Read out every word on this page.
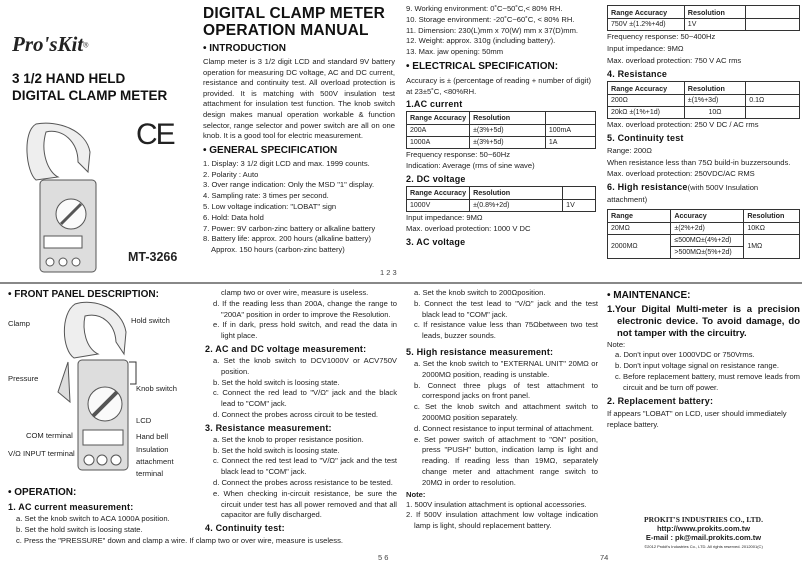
Pro'sKit®
3 1/2 HAND HELD
DIGITAL CLAMP METER
CE
MT-3266
DIGITAL CLAMP METER
OPERATION MANUAL
• INTRODUCTION
Clamp meter is 3 1/2 digit LCD and standard 9V battery operation for measuring DC voltage, AC and DC current, resistance and continuity test. All overload protection is provided. It is matching with 500V insulation test attachment for insulation test function. The knob switch design makes manual operation workable & function selector, range selector and power switch are all on one knob. It is a good tool for electric measurement.
• GENERAL SPECIFICATION
1. Display: 3 1/2 digit LCD and max. 1999 counts.
2. Polarity : Auto
3. Over range indication: Only the MSD "1" display.
4. Sampling rate: 3 times per second.
5. Low voltage indication: "LOBAT" sign
6. Hold: Data hold
7. Power: 9V carbon-zinc battery or alkaline battery
8. Battery life: approx. 200 hours (alkaline battery)
Approx. 150 hours (carbon-zinc battery)
1 2 3
9. Working environment: 0˚C~50˚C,< 80% RH.
10. Storage environment: -20˚C~60˚C, < 80% RH.
11. Dimension: 230(L)mm x 70(W) mm x 37(D)mm.
12. Weight: approx. 310g (including battery).
13. Max. jaw opening: 50mm
• ELECTRICAL SPECIFICATION:
Accuracy is ± (percentage of reading + number of digit) at 23±5˚C, <80%RH.
1.AC current
Range Accuracy	Resolution	
200A	±(3%+5d)	100mA
1000A	±(3%+5d)	1A
Frequency response: 50~60Hz
Indication: Average (rms of sine wave)
2. DC voltage
Range Accuracy	Resolution	
1000V	±(0.8%+2d)	1V
Input impedance: 9MΩ
Max. overload protection: 1000 V DC
3. AC voltage
Range Accuracy	Resolution	
750V ±(1.2%+4d)	1V	
Frequency response: 50~400Hz
Input impedance: 9MΩ
Max. overload protection: 750 V AC rms
4. Resistance
Range Accuracy	Resolution	
200Ω	±(1%+3d)	0.1Ω
20kΩ ±(1%+1d)	10Ω	
Max. overload protection: 250 V DC / AC rms
5. Continuity test
Range: 200Ω
When resistance less than 75Ω build-in buzzersounds.
Max. overload protection: 250VDC/AC RMS
6. High resistance(with 500V Insulation attachment)
Range	Accuracy	Resolution
20MΩ	±(2%+2d)	10KΩ
2000MΩ	≤500MΩ±(4%+2d)	1MΩ
	>500MΩ±(5%+2d)	
• FRONT PANEL DESCRIPTION:
Clamp	Hold switch
Pressure
Knob switch
LCD
COM terminal	Hand bell
V/Ω INPUT terminal	Insulation attachment terminal
• OPERATION:
1. AC current measurement:
a. Set the knob switch to ACA 1000A position.
b. Set the hold switch is loosing state.
c. Press the "PRESSURE" down and clamp a wire. If clamp two or over wire, measure is useless.
clamp two or over wire, measure is useless.
d. If the reading less than 200A, change the range to "200A" position in order to improve the Resolution.
e. If in dark, press hold switch, and read the data in light place.
2. AC and DC voltage measurement:
a. Set the knob switch to DCV1000V or ACV750V position.
b. Set the hold switch is loosing state.
c. Connect the red lead to "V/Ω" jack and the black lead to "COM" jack.
d. Connect the probes across circuit to be tested.
3. Resistance measurement:
a. Set the knob to proper resistance position.
b. Set the hold switch is loosing state.
c. Connect the red test lead to "V/Ω" jack and the test black lead to "COM" jack.
d. Connect the probes across resistance to be tested.
e. When checking in-circuit resistance, be sure the circuit under test has all power removed and that all capacitor are fully discharged.
4. Continuity test:
5 6
a. Set the knob switch to 200Ωposition.
b. Connect the test lead to "V/Ω" jack and the test black lead to "COM" jack.
c. If resistance value less than 75Ωbetween two test leads, buzzer sounds.
5. High resistance measurement:
a. Set the knob switch to "EXTERNAL UNIT" 20MΩ or 2000MΩ position, reading is unstable.
b. Connect three plugs of test attachment to correspond jacks on front panel.
c. Set the knob switch and attachment switch to 2000MΩ position separately.
d. Connect resistance to input terminal of attachment.
e. Set power switch of attachment to "ON" position, press "PUSH" button, indication lamp is light and reading. If reading less than 19MΩ, separately change meter and attachment range switch to 20MΩ in order to resolution.
Note:
1. 500V insulation attachment is optional accessories.
2. If 500V insulation attachment low voltage indication lamp is light, should replacement battery.
74
• MAINTENANCE:
1.Your Digital Multi-meter is a precision electronic device. To avoid damage, do not tamper with the circuitry.
Note:
a. Don't input over 1000VDC or 750Vrms.
b. Don't input voltage signal on resistance range.
c. Before replacement battery, must remove leads from circuit and be turn off power.
2. Replacement battery:
If appears "LOBAT" on LCD, user should immediately replace battery.
PROKIT'S INDUSTRIES CO., LTD.
http://www.prokits.com.tw
E-mail : pk@mail.prokits.com.tw
©2012 Prokit's Industries Co., LTD. All rights reserved. 2012001(C)
